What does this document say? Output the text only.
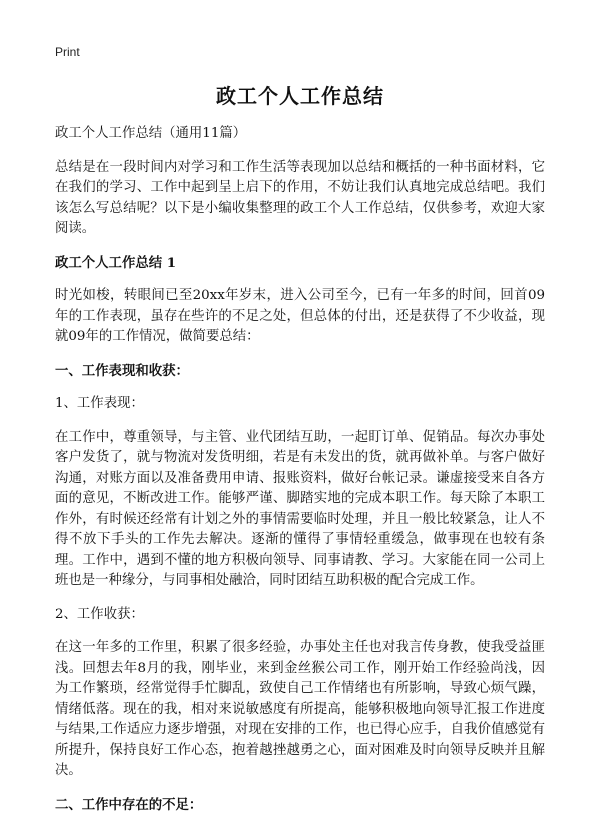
Print
政工个人工作总结

政工个人工作总结（通用11篇）

总结是在一段时间内对学习和工作生活等表现加以总结和概括的一种书面材料，它在我们的学习、工作中起到呈上启下的作用，不妨让我们认真地完成总结吧。我们该怎么写总结呢？以下是小编收集整理的政工个人工作总结，仅供参考，欢迎大家阅读。

政工个人工作总结 1

时光如梭，转眼间已至20xx年岁末，进入公司至今，已有一年多的时间，回首09年的工作表现，虽存在些许的不足之处，但总体的付出，还是获得了不少收益，现就09年的工作情况，做简要总结：

一、工作表现和收获：

1、工作表现：

在工作中，尊重领导，与主管、业代团结互助，一起盯订单、促销品。每次办事处客户发货了，就与物流对发货明细，若是有未发出的货，就再做补单。与客户做好沟通，对账方面以及准备费用申请、报账资料，做好台帐记录。谦虚接受来自各方面的意见，不断改进工作。能够严谨、脚踏实地的完成本职工作。每天除了本职工作外，有时候还经常有计划之外的事情需要临时处理，并且一般比较紧急，让人不得不放下手头的工作先去解决。逐渐的懂得了事情轻重缓急，做事现在也较有条理。工作中，遇到不懂的地方积极向领导、同事请教、学习。大家能在同一公司上班也是一种缘分，与同事相处融洽，同时团结互助积极的配合完成工作。

2、工作收获：

在这一年多的工作里，积累了很多经验，办事处主任也对我言传身教，使我受益匪浅。回想去年8月的我，刚毕业，来到金丝猴公司工作，刚开始工作经验尚浅，因为工作繁琐，经常觉得手忙脚乱，致使自己工作情绪也有所影响，导致心烦气躁，情绪低落。现在的我，相对来说敏感度有所提高，能够积极地向领导汇报工作进度与结果,工作适应力逐步增强，对现在安排的工作，也已得心应手，自我价值感觉有所提升，保持良好工作心态，抱着越挫越勇之心，面对困难及时向领导反映并且解决。

二、工作中存在的不足：
